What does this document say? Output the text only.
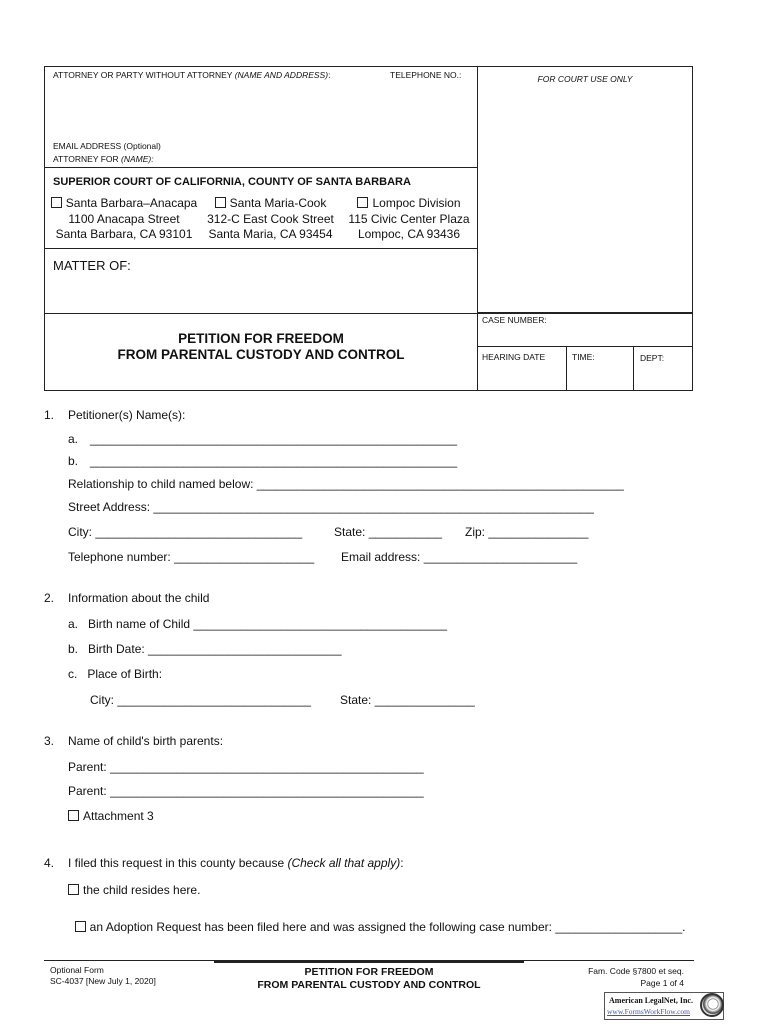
ATTORNEY OR PARTY WITHOUT ATTORNEY (NAME AND ADDRESS):	TELEPHONE NO.:	FOR COURT USE ONLY
EMAIL ADDRESS (Optional)
ATTORNEY FOR (NAME):
SUPERIOR COURT OF CALIFORNIA, COUNTY OF SANTA BARBARA
Santa Barbara–Anacapa
1100 Anacapa Street
Santa Barbara, CA 93101
Santa Maria-Cook
312-C East Cook Street
Santa Maria, CA 93454
Lompoc Division
115 Civic Center Plaza
Lompoc, CA 93436
MATTER OF:
PETITION FOR FREEDOM
FROM PARENTAL CUSTODY AND CONTROL
CASE NUMBER:
HEARING DATE	TIME:	DEPT:
1. Petitioner(s) Name(s):
a. _______________________________________________________
b. _______________________________________________________
Relationship to child named below: _______________________________________________________
Street Address: __________________________________________________________________
City: _______________________________	State: ___________ Zip: _______________
Telephone number: _____________________ Email address: _______________________
2. Information about the child
a.   Birth name of Child ______________________________________
b.   Birth Date: _____________________________
c.   Place of Birth:
City: _____________________________ State: _______________
3. Name of child's birth parents:
Parent: _______________________________________________
Parent: _______________________________________________
Attachment 3
4. I filed this request in this county because (Check all that apply):
the child resides here.

an Adoption Request has been filed here and was assigned the following case number: ___________________.

Optional Form
SC-4037 [New July 1, 2020]
PETITION FOR FREEDOM
FROM PARENTAL CUSTODY AND CONTROL
Fam. Code §7800 et seq.
Page 1 of 4
American LegalNet, Inc.
www.FormsWorkFlow.com
